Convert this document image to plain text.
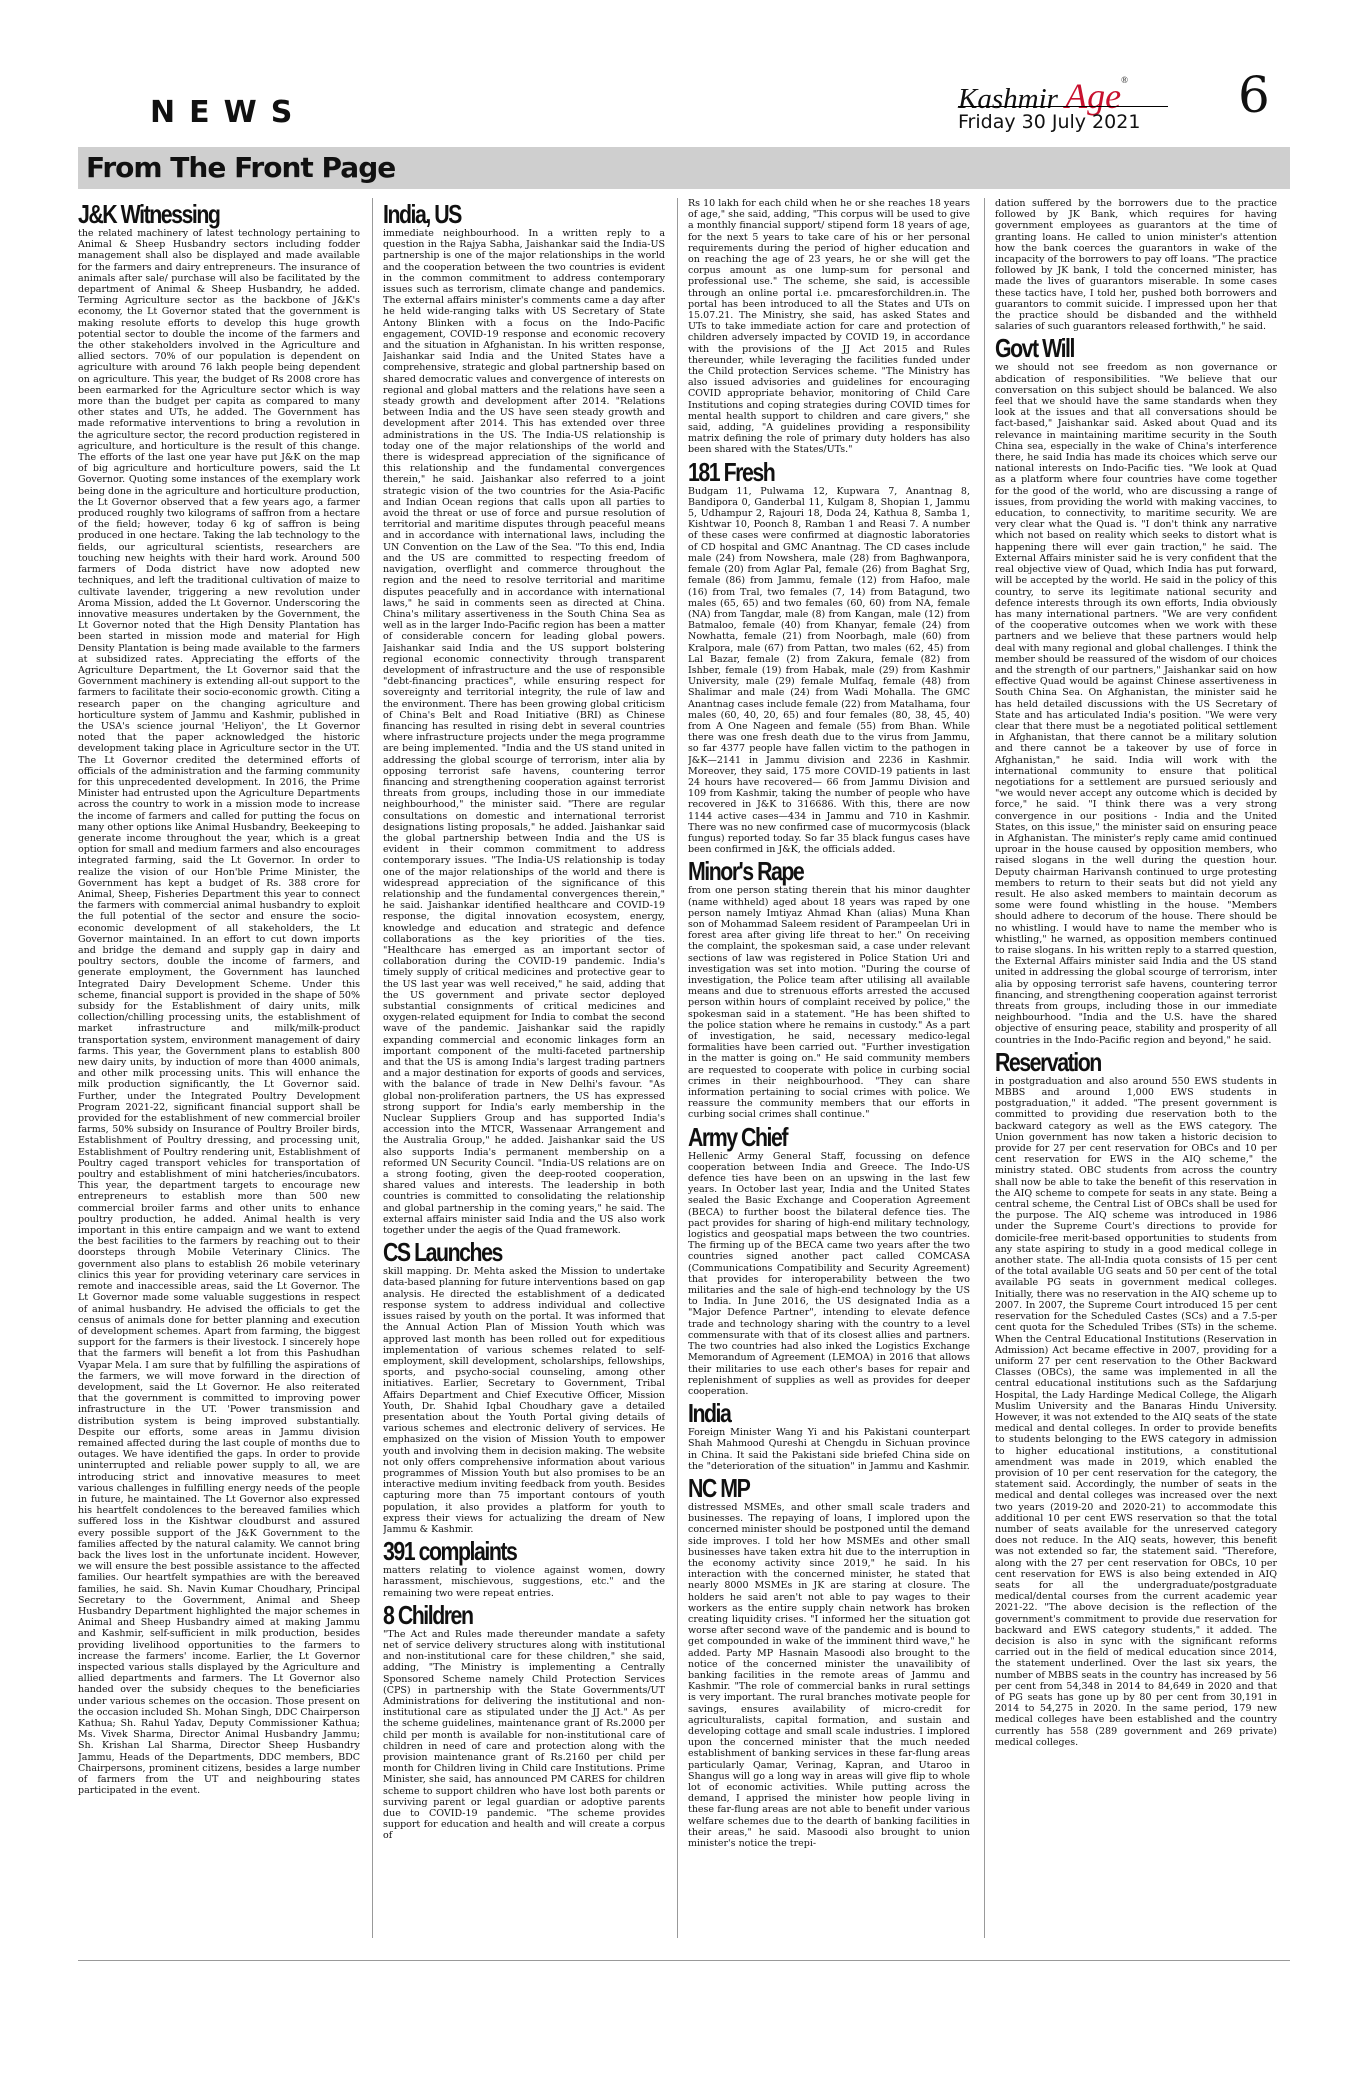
NEWS	Kashmir Age®
Friday 30 July 2021	6
From The Front Page
J&K Witnessing

the related machinery of latest technology pertaining to Animal & Sheep Husbandry sectors including fodder management shall also be displayed and made available for the farmers and dairy entrepreneurs. The insurance of animals after sale/ purchase will also be facilitated by the department of Animal & Sheep Husbandry, he added. Terming Agriculture sector as the backbone of J&K's economy, the Lt Governor stated that the government is making resolute efforts to develop this huge growth potential sector to double the income of the farmers and the other stakeholders involved in the Agriculture and allied sectors. 70% of our population is dependent on agriculture with around 76 lakh people being dependent on agriculture. This year, the budget of Rs 2008 crore has been earmarked for the Agriculture sector which is way more than the budget per capita as compared to many other states and UTs, he added. The Government has made reformative interventions to bring a revolution in the agriculture sector, the record production registered in agriculture, and horticulture is the result of this change. The efforts of the last one year have put J&K on the map of big agriculture and horticulture powers, said the Lt Governor. Quoting some instances of the exemplary work being done in the agriculture and horticulture production, the Lt Governor observed that a few years ago, a farmer produced roughly two kilograms of saffron from a hectare of the field; however, today 6 kg of saffron is being produced in one hectare. Taking the lab technology to the fields, our agricultural scientists, researchers are touching new heights with their hard work. Around 500 farmers of Doda district have now adopted new techniques, and left the traditional cultivation of maize to cultivate lavender, triggering a new revolution under Aroma Mission, added the Lt Governor. Underscoring the innovative measures undertaken by the Government, the Lt Governor noted that the High Density Plantation has been started in mission mode and material for High Density Plantation is being made available to the farmers at subsidized rates. Appreciating the efforts of the Agriculture Department, the Lt Governor said that the Government machinery is extending all-out support to the farmers to facilitate their socio-economic growth. Citing a research paper on the changing agriculture and horticulture system of Jammu and Kashmir, published in the USA's science journal 'Heliyon', the Lt Governor noted that the paper acknowledged the historic development taking place in Agriculture sector in the UT. The Lt Governor credited the determined efforts of officials of the administration and the farming community for this unprecedented development. In 2016, the Prime Minister had entrusted upon the Agriculture Departments across the country to work in a mission mode to increase the income of farmers and called for putting the focus on many other options like Animal Husbandry, Beekeeping to generate income throughout the year, which is a great option for small and medium farmers and also encourages integrated farming, said the Lt Governor. In order to realize the vision of our Hon'ble Prime Minister, the Government has kept a budget of Rs. 388 crore for Animal, Sheep, Fisheries Department this year to connect the farmers with commercial animal husbandry to exploit the full potential of the sector and ensure the socio-economic development of all stakeholders, the Lt Governor maintained. In an effort to cut down imports and bridge the demand and supply gap in dairy and poultry sectors, double the income of farmers, and generate employment, the Government has launched Integrated Dairy Development Scheme. Under this scheme, financial support is provided in the shape of 50% subsidy for the Establishment of dairy units, milk collection/chilling processing units, the establishment of market infrastructure and milk/milk-product transportation system, environment management of dairy farms. This year, the Government plans to establish 800 new dairy units, by induction of more than 4000 animals, and other milk processing units. This will enhance the milk production significantly, the Lt Governor said. Further, under the Integrated Poultry Development Program 2021-22, significant financial support shall be provided for the establishment of new commercial broiler farms, 50% subsidy on Insurance of Poultry Broiler birds, Establishment of Poultry dressing, and processing unit, Establishment of Poultry rendering unit, Establishment of Poultry caged transport vehicles for transportation of poultry and establishment of mini hatcheries/incubators. This year, the department targets to encourage new entrepreneurs to establish more than 500 new commercial broiler farms and other units to enhance poultry production, he added. Animal health is very important in this entire campaign and we want to extend the best facilities to the farmers by reaching out to their doorsteps through Mobile Veterinary Clinics. The government also plans to establish 26 mobile veterinary clinics this year for providing veterinary care services in remote and inaccessible areas, said the Lt Governor. The Lt Governor made some valuable suggestions in respect of animal husbandry. He advised the officials to get the census of animals done for better planning and execution of development schemes. Apart from farming, the biggest support for the farmers is their livestock. I sincerely hope that the farmers will benefit a lot from this Pashudhan Vyapar Mela. I am sure that by fulfilling the aspirations of the farmers, we will move forward in the direction of development, said the Lt Governor. He also reiterated that the government is committed to improving power infrastructure in the UT. 'Power transmission and distribution system is being improved substantially. Despite our efforts, some areas in Jammu division remained affected during the last couple of months due to outages. We have identified the gaps. In order to provide uninterrupted and reliable power supply to all, we are introducing strict and innovative measures to meet various challenges in fulfilling energy needs of the people in future, he maintained. The Lt Governor also expressed his heartfelt condolences to the bereaved families which suffered loss in the Kishtwar cloudburst and assured every possible support of the J&K Government to the families affected by the natural calamity. We cannot bring back the lives lost in the unfortunate incident. However, we will ensure the best possible assistance to the affected families. Our heartfelt sympathies are with the bereaved families, he said. Sh. Navin Kumar Choudhary, Principal Secretary to the Government, Animal and Sheep Husbandry Department highlighted the major schemes in Animal and Sheep Husbandry aimed at making Jammu and Kashmir, self-sufficient in milk production, besides providing livelihood opportunities to the farmers to increase the farmers' income. Earlier, the Lt Governor inspected various stalls displayed by the Agriculture and allied departments and farmers. The Lt Governor also handed over the subsidy cheques to the beneficiaries under various schemes on the occasion. Those present on the occasion included Sh. Mohan Singh, DDC Chairperson Kathua; Sh. Rahul Yadav, Deputy Commissioner Kathua; Ms. Vivek Sharma, Director Animal Husbandry Jammu; Sh. Krishan Lal Sharma, Director Sheep Husbandry Jammu, Heads of the Departments, DDC members, BDC Chairpersons, prominent citizens, besides a large number of farmers from the UT and neighbouring states participated in the event.

India, US

immediate neighbourhood. In a written reply to a question in the Rajya Sabha, Jaishankar said the India-US partnership is one of the major relationships in the world and the cooperation between the two countries is evident in the common commitment to address contemporary issues such as terrorism, climate change and pandemics. The external affairs minister's comments came a day after he held wide-ranging talks with US Secretary of State Antony Blinken with a focus on the Indo-Pacific engagement, COVID-19 response and economic recovery and the situation in Afghanistan. In his written response, Jaishankar said India and the United States have a comprehensive, strategic and global partnership based on shared democratic values and convergence of interests on regional and global matters and the relations have seen a steady growth and development after 2014. "Relations between India and the US have seen steady growth and development after 2014. This has extended over three administrations in the US. The India-US relationship is today one of the major relationships of the world and there is widespread appreciation of the significance of this relationship and the fundamental convergences therein," he said. Jaishankar also referred to a joint strategic vision of the two countries for the Asia-Pacific and Indian Ocean regions that calls upon all parties to avoid the threat or use of force and pursue resolution of territorial and maritime disputes through peaceful means and in accordance with international laws, including the UN Convention on the Law of the Sea. "To this end, India and the US are committed to respecting freedom of navigation, overflight and commerce throughout the region and the need to resolve territorial and maritime disputes peacefully and in accordance with international laws," he said in comments seen as directed at China. China's military assertiveness in the South China Sea as well as in the larger Indo-Pacific region has been a matter of considerable concern for leading global powers. Jaishankar said India and the US support bolstering regional economic connectivity through transparent development of infrastructure and the use of responsible "debt-financing practices", while ensuring respect for sovereignty and territorial integrity, the rule of law and the environment. There has been growing global criticism of China's Belt and Road Initiative (BRI) as Chinese financing has resulted in rising debt in several countries where infrastructure projects under the mega programme are being implemented. "India and the US stand united in addressing the global scourge of terrorism, inter alia by opposing terrorist safe havens, countering terror financing and strengthening cooperation against terrorist threats from groups, including those in our immediate neighbourhood," the minister said. "There are regular consultations on domestic and international terrorist designations listing proposals," he added. Jaishankar said the global partnership between India and the US is evident in their common commitment to address contemporary issues. "The India-US relationship is today one of the major relationships of the world and there is widespread appreciation of the significance of this relationship and the fundamental convergences therein," he said. Jaishankar identified healthcare and COVID-19 response, the digital innovation ecosystem, energy, knowledge and education and strategic and defence collaborations as the key priorities of the ties. "Healthcare has emerged as an important sector of collaboration during the COVID-19 pandemic. India's timely supply of critical medicines and protective gear to the US last year was well received," he said, adding that the US government and private sector deployed substantial consignments of critical medicines and oxygen-related equipment for India to combat the second wave of the pandemic. Jaishankar said the rapidly expanding commercial and economic linkages form an important component of the multi-faceted partnership and that the US is among India's largest trading partners and a major destination for exports of goods and services, with the balance of trade in New Delhi's favour. "As global non-proliferation partners, the US has expressed strong support for India's early membership in the Nuclear Suppliers Group and has supported India's accession into the MTCR, Wassenaar Arrangement and the Australia Group," he added. Jaishankar said the US also supports India's permanent membership on a reformed UN Security Council. "India-US relations are on a strong footing, given the deep-rooted cooperation, shared values and interests. The leadership in both countries is committed to consolidating the relationship and global partnership in the coming years," he said. The external affairs minister said India and the US also work together under the aegis of the Quad framework.

CS Launches

skill mapping. Dr. Mehta asked the Mission to undertake data-based planning for future interventions based on gap analysis. He directed the establishment of a dedicated response system to address individual and collective issues raised by youth on the portal. It was informed that the Annual Action Plan of Mission Youth which was approved last month has been rolled out for expeditious implementation of various schemes related to self-employment, skill development, scholarships, fellowships, sports, and psycho-social counseling, among other initiatives. Earlier, Secretary to Government, Tribal Affairs Department and Chief Executive Officer, Mission Youth, Dr. Shahid Iqbal Choudhary gave a detailed presentation about the Youth Portal giving details of various schemes and electronic delivery of services. He emphasized on the vision of Mission Youth to empower youth and involving them in decision making. The website not only offers comprehensive information about various programmes of Mission Youth but also promises to be an interactive medium inviting feedback from youth. Besides capturing more than 75 important contours of youth population, it also provides a platform for youth to express their views for actualizing the dream of New Jammu & Kashmir.

391 complaints

matters relating to violence against women, dowry harassment, mischievous, suggestions, etc." and the remaining two were repeat entries.

8 Children

"The Act and Rules made thereunder mandate a safety net of service delivery structures along with institutional and non-institutional care for these children," she said, adding, "The Ministry is implementing a Centrally Sponsored Scheme namely Child Protection Services (CPS) in partnership with the State Governments/UT Administrations for delivering the institutional and non-institutional care as stipulated under the JJ Act." As per the scheme guidelines, maintenance grant of Rs.2000 per child per month is available for non-institutional care of children in need of care and protection along with the provision maintenance grant of Rs.2160 per child per month for Children living in Child care Institutions. Prime Minister, she said, has announced PM CARES for children scheme to support children who have lost both parents or surviving parent or legal guardian or adoptive parents due to COVID-19 pandemic. "The scheme provides support for education and health and will create a corpus of

Rs 10 lakh for each child when he or she reaches 18 years of age," she said, adding, "This corpus will be used to give a monthly financial support/ stipend form 18 years of age, for the next 5 years to take care of his or her personal requirements during the period of higher education and on reaching the age of 23 years, he or she will get the corpus amount as one lump-sum for personal and professional use." The scheme, she said, is accessible through an online portal i.e. pmcaresforchildren.in. The portal has been introduced to all the States and UTs on 15.07.21. The Ministry, she said, has asked States and UTs to take immediate action for care and protection of children adversely impacted by COVID 19, in accordance with the provisions of the JJ Act 2015 and Rules thereunder, while leveraging the facilities funded under the Child protection Services scheme. "The Ministry has also issued advisories and guidelines for encouraging COVID appropriate behavior, monitoring of Child Care Institutions and coping strategies during COVID times for mental health support to children and care givers," she said, adding, "A guidelines providing a responsibility matrix defining the role of primary duty holders has also been shared with the States/UTs."

181 Fresh

Budgam 11, Pulwama 12, Kupwara 7, Anantnag 8, Bandipora 0, Ganderbal 11, Kulgam 8, Shopian 1, Jammu 5, Udhampur 2, Rajouri 18, Doda 24, Kathua 8, Samba 1, Kishtwar 10, Poonch 8, Ramban 1 and Reasi 7. A number of these cases were confirmed at diagnostic laboratories of CD hospital and GMC Anantnag. The CD cases include male (24) from Nowshera, male (28) from Baghwanpora, female (20) from Aglar Pal, female (26) from Baghat Srg, female (86) from Jammu, female (12) from Hafoo, male (16) from Tral, two females (7, 14) from Batagund, two males (65, 65) and two females (60, 60) from NA, female (NA) from Tangdar, male (8) from Kangan, male (12) from Batmaloo, female (40) from Khanyar, female (24) from Nowhatta, female (21) from Noorbagh, male (60) from Kralpora, male (67) from Pattan, two males (62, 45) from Lal Bazar, female (2) from Zakura, female (82) from Ishber, female (19) from Habak, male (29) from Kashmir University, male (29) female Mulfaq, female (48) from Shalimar and male (24) from Wadi Mohalla. The GMC Anantnag cases include female (22) from Matalhama, four males (60, 40, 20, 65) and four females (80, 38, 45, 40) from A One Nageen and female (55) from Bhan. While there was one fresh death due to the virus from Jammu, so far 4377 people have fallen victim to the pathogen in J&K—2141 in Jammu division and 2236 in Kashmir. Moreover, they said, 175 more COVID-19 patients in last 24 hours have recovered— 66 from Jammu Division and 109 from Kashmir, taking the number of people who have recovered in J&K to 316686. With this, there are now 1144 active cases—434 in Jammu and 710 in Kashmir. There was no new confirmed case of mucormycosis (black fungus) reported today. So far 35 black fungus cases have been confirmed in J&K, the officials added.

Minor's Rape

from one person stating therein that his minor daughter (name withheld) aged about 18 years was raped by one person namely Imtiyaz Ahmad Khan (alias) Muna Khan son of Mohammad Saleem resident of Parampeelan Uri in forest area after giving life threat to her." On receiving the complaint, the spokesman said, a case under relevant sections of law was registered in Police Station Uri and investigation was set into motion. "During the course of investigation, the Police team after utilising all available means and due to strenuous efforts arrested the accused person within hours of complaint received by police," the spokesman said in a statement. "He has been shifted to the police station where he remains in custody." As a part of investigation, he said, necessary medico-legal formalities have been carried out. "Further investigation in the matter is going on." He said community members are requested to cooperate with police in curbing social crimes in their neighbourhood. "They can share information pertaining to social crimes with police. We reassure the community members that our efforts in curbing social crimes shall continue."

Army Chief

Hellenic Army General Staff, focussing on defence cooperation between India and Greece. The Indo-US defence ties have been on an upswing in the last few years. In October last year, India and the United States sealed the Basic Exchange and Cooperation Agreement (BECA) to further boost the bilateral defence ties. The pact provides for sharing of high-end military technology, logistics and geospatial maps between the two countries. The firming up of the BECA came two years after the two countries signed another pact called COMCASA (Communications Compatibility and Security Agreement) that provides for interoperability between the two militaries and the sale of high-end technology by the US to India. In June 2016, the US designated India as a "Major Defence Partner", intending to elevate defence trade and technology sharing with the country to a level commensurate with that of its closest allies and partners. The two countries had also inked the Logistics Exchange Memorandum of Agreement (LEMOA) in 2016 that allows their militaries to use each other's bases for repair and replenishment of supplies as well as provides for deeper cooperation.

India

Foreign Minister Wang Yi and his Pakistani counterpart Shah Mahmood Qureshi at Chengdu in Sichuan province in China. It said the Pakistani side briefed China side on the "deterioration of the situation" in Jammu and Kashmir.

NC MP

distressed MSMEs, and other small scale traders and businesses. The repaying of loans, I implored upon the concerned minister should be postponed until the demand side improves. I told her how MSMEs and other small businesses have taken extra hit due to the interruption in the economy activity since 2019," he said. In his interaction with the concerned minister, he stated that nearly 8000 MSMEs in JK are staring at closure. The holders he said aren't not able to pay wages to their workers as the entire supply chain network has broken creating liquidity crises. "I informed her the situation got worse after second wave of the pandemic and is bound to get compounded in wake of the imminent third wave," he added. Party MP Hasnain Masoodi also brought to the notice of the concerned minister the unavailibity of banking facilities in the remote areas of Jammu and Kashmir. "The role of commercial banks in rural settings is very important. The rural branches motivate people for savings, ensures availability of micro-credit for agriculturalists, capital formation, and sustain and developing cottage and small scale industries. I implored upon the concerned minister that the much needed establishment of banking services in these far-flung areas particularly Qamar, Verinag, Kapran, and Utaroo in Shangus will go a long way in areas will give flip to whole lot of economic activities. While putting across the demand, I apprised the minister how people living in these far-flung areas are not able to benefit under various welfare schemes due to the dearth of banking facilities in their areas," he said. Masoodi also brought to union minister's notice the trepi-

dation suffered by the borrowers due to the practice followed by JK Bank, which requires for having government employees as guarantors at the time of granting loans. He called to union minister's attention how the bank coerces the guarantors in wake of the incapacity of the borrowers to pay off loans. "The practice followed by JK bank, I told the concerned minister, has made the lives of guarantors miserable. In some cases these tactics have, I told her, pushed both borrowers and guarantors to commit suicide. I impressed upon her that the practice should be disbanded and the withheld salaries of such guarantors released forthwith," he said.

Govt Will

we should not see freedom as non governance or abdication of responsibilities. "We believe that our conversation on this subject should be balanced. We also feel that we should have the same standards when they look at the issues and that all conversations should be fact-based," Jaishankar said. Asked about Quad and its relevance in maintaining maritime security in the South China sea, especially in the wake of China's interference there, he said India has made its choices which serve our national interests on Indo-Pacific ties. "We look at Quad as a platform where four countries have come together for the good of the world, who are discussing a range of issues, from providing the world with making vaccines, to education, to connectivity, to maritime security. We are very clear what the Quad is. "I don't think any narrative which not based on reality which seeks to distort what is happening there will ever gain traction," he said. The External Affairs minister said he is very confident that the real objective view of Quad, which India has put forward, will be accepted by the world. He said in the policy of this country, to serve its legitimate national security and defence interests through its own efforts, India obviously has many international partners. "We are very confident of the cooperative outcomes when we work with these partners and we believe that these partners would help deal with many regional and global challenges. I think the member should be reassured of the wisdom of our choices and the strength of our partners," Jaishankar said on how effective Quad would be against Chinese assertiveness in South China Sea. On Afghanistan, the minister said he has held detailed discussions with the US Secretary of State and has articulated India's position. "We were very clear that there must be a negotiated political settlement in Afghanistan, that there cannot be a military solution and there cannot be a takeover by use of force in Afghanistan," he said. India will work with the international community to ensure that political negotiations for a settlement are pursued seriously and "we would never accept any outcome which is decided by force," he said. "I think there was a very strong convergence in our positions - India and the United States, on this issue," the minister said on ensuring peace in Afghanistan. The minister's reply came amid continued uproar in the house caused by opposition members, who raised slogans in the well during the question hour. Deputy chairman Harivansh continued to urge protesting members to return to their seats but did not yield any result. He also asked members to maintain decorum as some were found whistling in the house. "Members should adhere to decorum of the house. There should be no whistling. I would have to name the member who is whistling," he warned, as opposition members continued to raise slogans. In his written reply to a starred question, the External Affairs minister said India and the US stand united in addressing the global scourge of terrorism, inter alia by opposing terrorist safe havens, countering terror financing, and strengthening cooperation against terrorist threats from groups, including those in our immediate neighbourhood. "India and the U.S. have the shared objective of ensuring peace, stability and prosperity of all countries in the Indo-Pacific region and beyond," he said.

Reservation

in postgraduation and also around 550 EWS students in MBBS and around 1,000 EWS students in postgraduation," it added. "The present government is committed to providing due reservation both to the backward category as well as the EWS category. The Union government has now taken a historic decision to provide for 27 per cent reservation for OBCs and 10 per cent reservation for EWS in the AIQ scheme," the ministry stated. OBC students from across the country shall now be able to take the benefit of this reservation in the AIQ scheme to compete for seats in any state. Being a central scheme, the Central List of OBCs shall be used for the purpose. The AIQ scheme was introduced in 1986 under the Supreme Court's directions to provide for domicile-free merit-based opportunities to students from any state aspiring to study in a good medical college in another state. The all-India quota consists of 15 per cent of the total available UG seats and 50 per cent of the total available PG seats in government medical colleges. Initially, there was no reservation in the AIQ scheme up to 2007. In 2007, the Supreme Court introduced 15 per cent reservation for the Scheduled Castes (SCs) and a 7.5-per cent quota for the Scheduled Tribes (STs) in the scheme. When the Central Educational Institutions (Reservation in Admission) Act became effective in 2007, providing for a uniform 27 per cent reservation to the Other Backward Classes (OBCs), the same was implemented in all the central educational institutions such as the Safdarjung Hospital, the Lady Hardinge Medical College, the Aligarh Muslim University and the Banaras Hindu University. However, it was not extended to the AIQ seats of the state medical and dental colleges. In order to provide benefits to students belonging to the EWS category in admission to higher educational institutions, a constitutional amendment was made in 2019, which enabled the provision of 10 per cent reservation for the category, the statement said. Accordingly, the number of seats in the medical and dental colleges was increased over the next two years (2019-20 and 2020-21) to accommodate this additional 10 per cent EWS reservation so that the total number of seats available for the unreserved category does not reduce. In the AIQ seats, however, this benefit was not extended so far, the statement said. "Therefore, along with the 27 per cent reservation for OBCs, 10 per cent reservation for EWS is also being extended in AIQ seats for all the undergraduate/postgraduate medical/dental courses from the current academic year 2021-22. "The above decision is the reflection of the government's commitment to provide due reservation for backward and EWS category students," it added. The decision is also in sync with the significant reforms carried out in the field of medical education since 2014, the statement underlined. Over the last six years, the number of MBBS seats in the country has increased by 56 per cent from 54,348 in 2014 to 84,649 in 2020 and that of PG seats has gone up by 80 per cent from 30,191 in 2014 to 54,275 in 2020. In the same period, 179 new medical colleges have been established and the country currently has 558 (289 government and 269 private) medical colleges.
